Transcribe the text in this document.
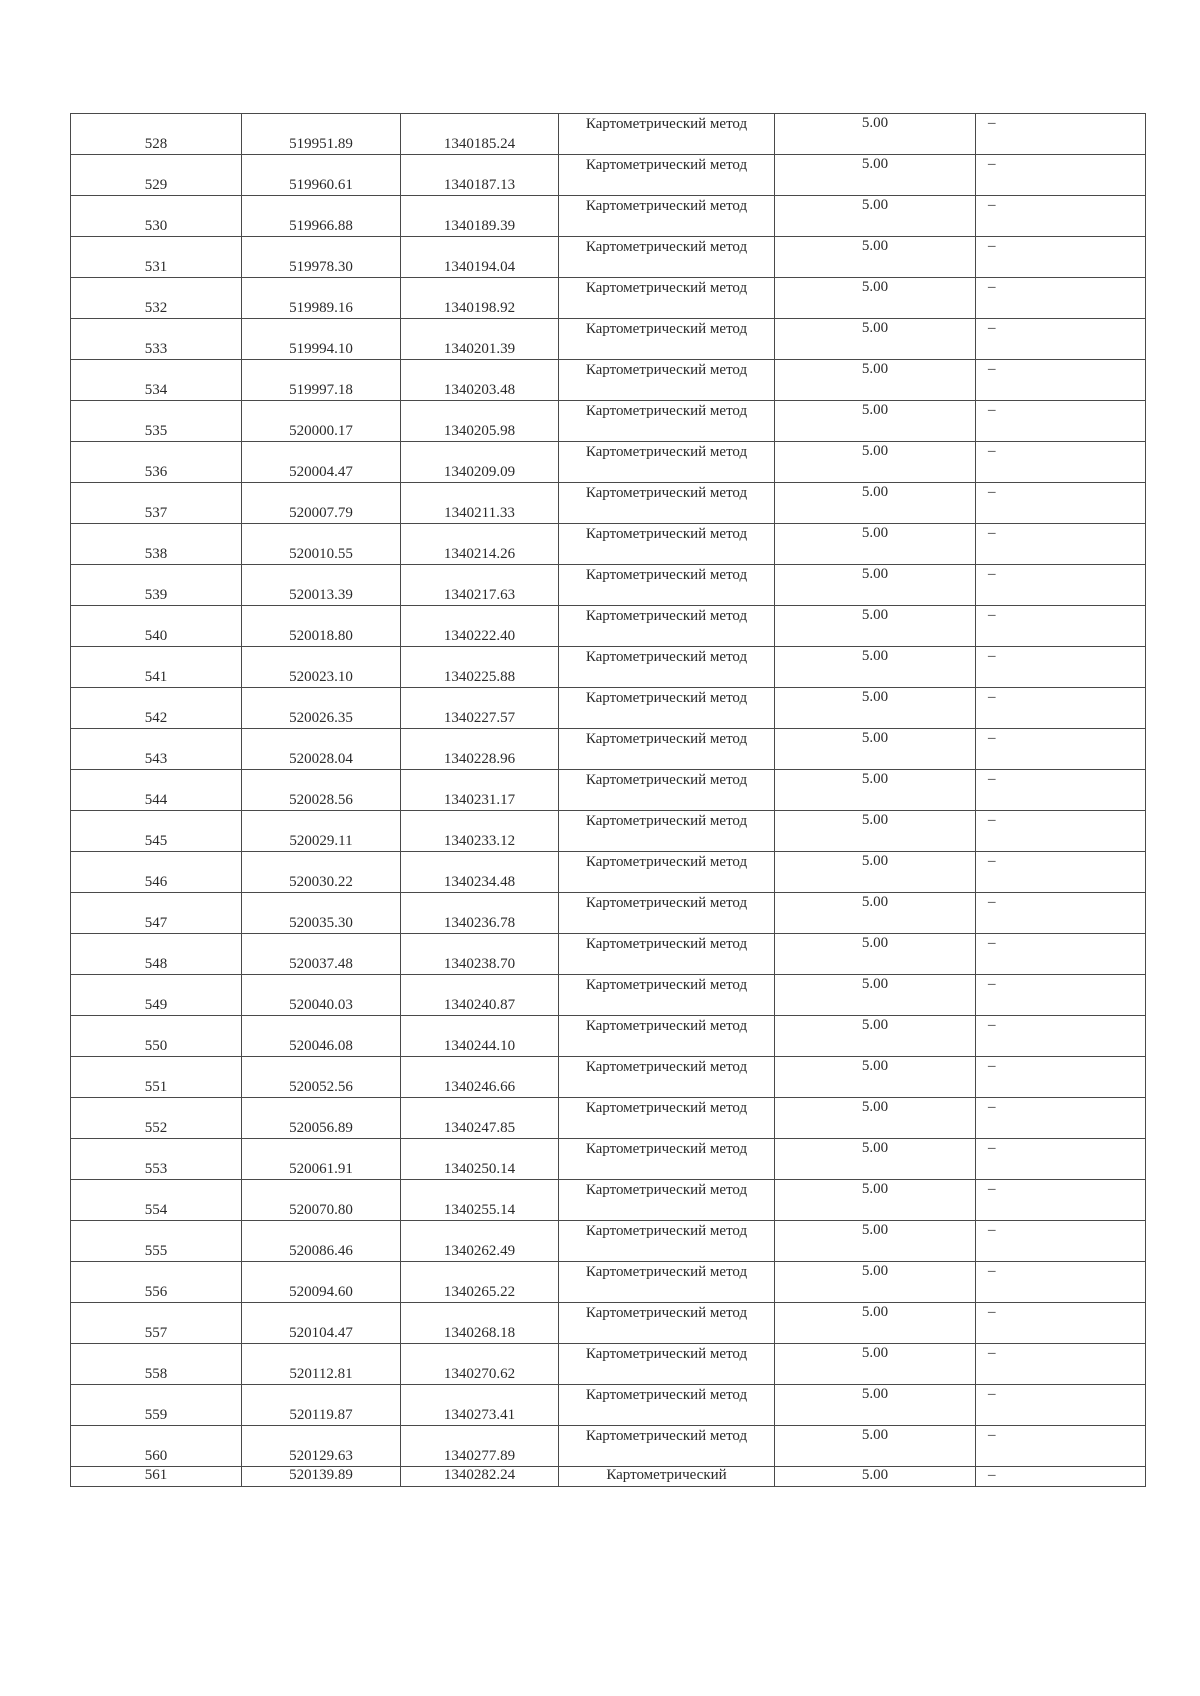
528	519951.89	1340185.24	Картометрический метод	5.00	–

529	519960.61	1340187.13	Картометрический метод	5.00	–

530	519966.88	1340189.39	Картометрический метод	5.00	–

531	519978.30	1340194.04	Картометрический метод	5.00	–

532	519989.16	1340198.92	Картометрический метод	5.00	–

533	519994.10	1340201.39	Картометрический метод	5.00	–

534	519997.18	1340203.48	Картометрический метод	5.00	–

535	520000.17	1340205.98	Картометрический метод	5.00	–

536	520004.47	1340209.09	Картометрический метод	5.00	–

537	520007.79	1340211.33	Картометрический метод	5.00	–

538	520010.55	1340214.26	Картометрический метод	5.00	–

539	520013.39	1340217.63	Картометрический метод	5.00	–

540	520018.80	1340222.40	Картометрический метод	5.00	–

541	520023.10	1340225.88	Картометрический метод	5.00	–

542	520026.35	1340227.57	Картометрический метод	5.00	–

543	520028.04	1340228.96	Картометрический метод	5.00	–

544	520028.56	1340231.17	Картометрический метод	5.00	–

545	520029.11	1340233.12	Картометрический метод	5.00	–

546	520030.22	1340234.48	Картометрический метод	5.00	–

547	520035.30	1340236.78	Картометрический метод	5.00	–

548	520037.48	1340238.70	Картометрический метод	5.00	–

549	520040.03	1340240.87	Картометрический метод	5.00	–

550	520046.08	1340244.10	Картометрический метод	5.00	–

551	520052.56	1340246.66	Картометрический метод	5.00	–

552	520056.89	1340247.85	Картометрический метод	5.00	–

553	520061.91	1340250.14	Картометрический метод	5.00	–

554	520070.80	1340255.14	Картометрический метод	5.00	–

555	520086.46	1340262.49	Картометрический метод	5.00	–

556	520094.60	1340265.22	Картометрический метод	5.00	–

557	520104.47	1340268.18	Картометрический метод	5.00	–

558	520112.81	1340270.62	Картометрический метод	5.00	–

559	520119.87	1340273.41	Картометрический метод	5.00	–

560	520129.63	1340277.89	Картометрический метод	5.00	–

561	520139.89	1340282.24	Картометрический	5.00	–
